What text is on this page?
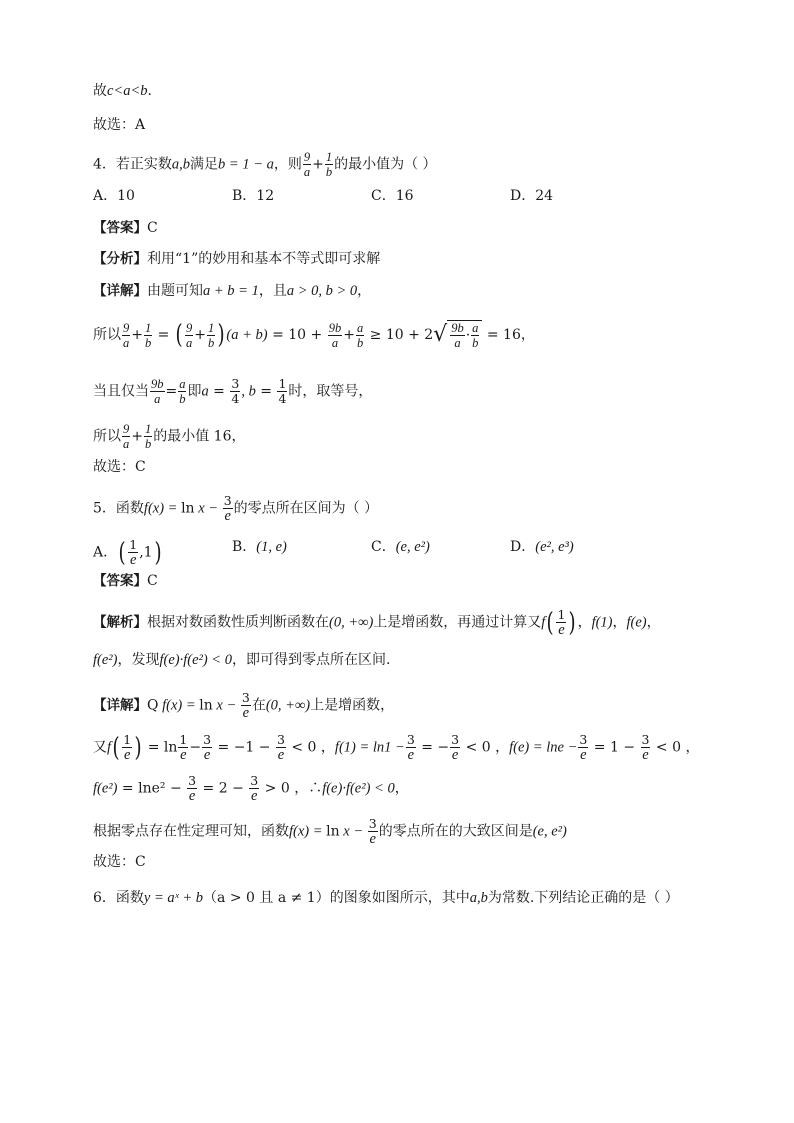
故c<a<b.
故选：A
4．若正实数a,b满足b = 1 − a，则 $\frac{9}{a} + \frac{1}{b}$ 的最小值为（ ）
A．10	B．12	C．16	D．24
【答案】C
【分析】利用“1”的妙用和基本不等式即可求解
【详解】由题可知a + b = 1，且a > 0, b > 0，
所以 $\frac{9}{a} + \frac{1}{b}$ = ( $\frac{9}{a} + \frac{1}{b}$ ) $(a + b) = 10 + \frac{9b}{a} + \frac{a}{b} \ge 10 + 2√ \frac{9b}{a} \cdot \frac{a}{b} = 16$，
当且仅当 $\frac{9b}{a} = \frac{a}{b}$ 即$a = \frac{3}{4}$ , $b = \frac{1}{4}$ 时，取等号，
所以 $\frac{9}{a} + \frac{1}{b}$ 的最小值 16，
故选：C
5．函数$f(x) = \ln x - \frac{3}{e}$ 的零点所在区间为（ ）
A．( $\frac{1}{e} ,1$)	B．(1, e)	C．(e, e²)	D．(e², e³)
【答案】C
【解析】根据对数函数性质判断函数在(0, +∞)上是增函数，再通过计算又$f( \frac{1}{e}$ ) ，f(1)，f(e)，
f(e²)，发现f(e)·f(e²) < 0，即可得到零点所在区间.
【详解】Q $f(x) = \ln x - \frac{3}{e}$ 在(0, +∞)上是增函数，
又$f( \frac{1}{e}$ ) = $\ln \frac{1}{e} - \frac{3}{e} = -1 - \frac{3}{e} < 0$ ，$f(1) = \ln 1 - \frac{3}{e}$ = − $\frac{3}{e} < 0$ ，$f(e) = \ln e - \frac{3}{e} = 1 - \frac{3}{e} < 0$ ，
$f(e^2) = \ln e^2 - \frac{3}{e} = 2 - \frac{3}{e} > 0$ ，∴f(e)·f(e²) < 0，
根据零点存在性定理可知，函数$f(x) = \ln x - \frac{3}{e}$ 的零点所在的大致区间是(e, e²)
故选：C
6．函数y = aˣ + b（a > 0 且 a ≠ 1）的图象如图所示，其中a,b为常数.下列结论正确的是（ ）
